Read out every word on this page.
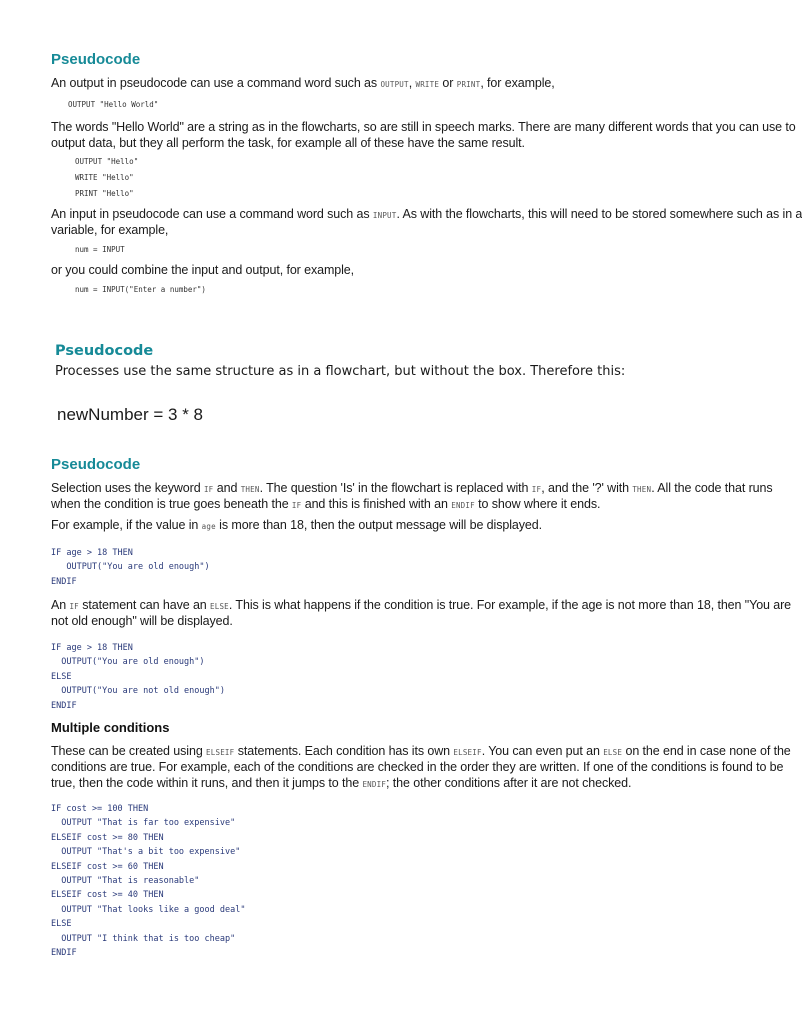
Pseudocode
An output in pseudocode can use a command word such as OUTPUT, WRITE or PRINT, for example,
OUTPUT "Hello World"
The words "Hello World" are a string as in the flowcharts, so are still in speech marks. There are many different words that you can use to
output data, but they all perform the task, for example all of these have the same result.
OUTPUT "Hello"
WRITE "Hello"
PRINT "Hello"
An input in pseudocode can use a command word such as INPUT. As with the flowcharts, this will need to be stored somewhere such as in a
variable, for example,
num = INPUT
or you could combine the input and output, for example,
num = INPUT("Enter a number")
Pseudocode
Processes use the same structure as in a flowchart, but without the box. Therefore this:
newNumber = 3 * 8
Pseudocode
Selection uses the keyword IF and THEN. The question 'Is' in the flowchart is replaced with IF, and the '?' with THEN. All the code that runs
when the condition is true goes beneath the IF and this is finished with an ENDIF to show where it ends.
For example, if the value in age is more than 18, then the output message will be displayed.
IF age > 18 THEN
OUTPUT("You are old enough")
ENDIF
An IF statement can have an ELSE. This is what happens if the condition is true. For example, if the age is not more than 18, then "You are
not old enough" will be displayed.
IF age > 18 THEN
OUTPUT("You are old enough")
ELSE
OUTPUT("You are not old enough")
ENDIF
Multiple conditions
These can be created using ELSEIF statements. Each condition has its own ELSEIF. You can even put an ELSE on the end in case none of the
conditions are true. For example, each of the conditions are checked in the order they are written. If one of the conditions is found to be
true, then the code within it runs, and then it jumps to the ENDIF; the other conditions after it are not checked.
IF cost >= 100 THEN
OUTPUT "That is far too expensive"
ELSEIF cost >= 80 THEN
OUTPUT "That's a bit too expensive"
ELSEIF cost >= 60 THEN
OUTPUT "That is reasonable"
ELSEIF cost >= 40 THEN
OUTPUT "That looks like a good deal"
ELSE
OUTPUT "I think that is too cheap"
ENDIF
